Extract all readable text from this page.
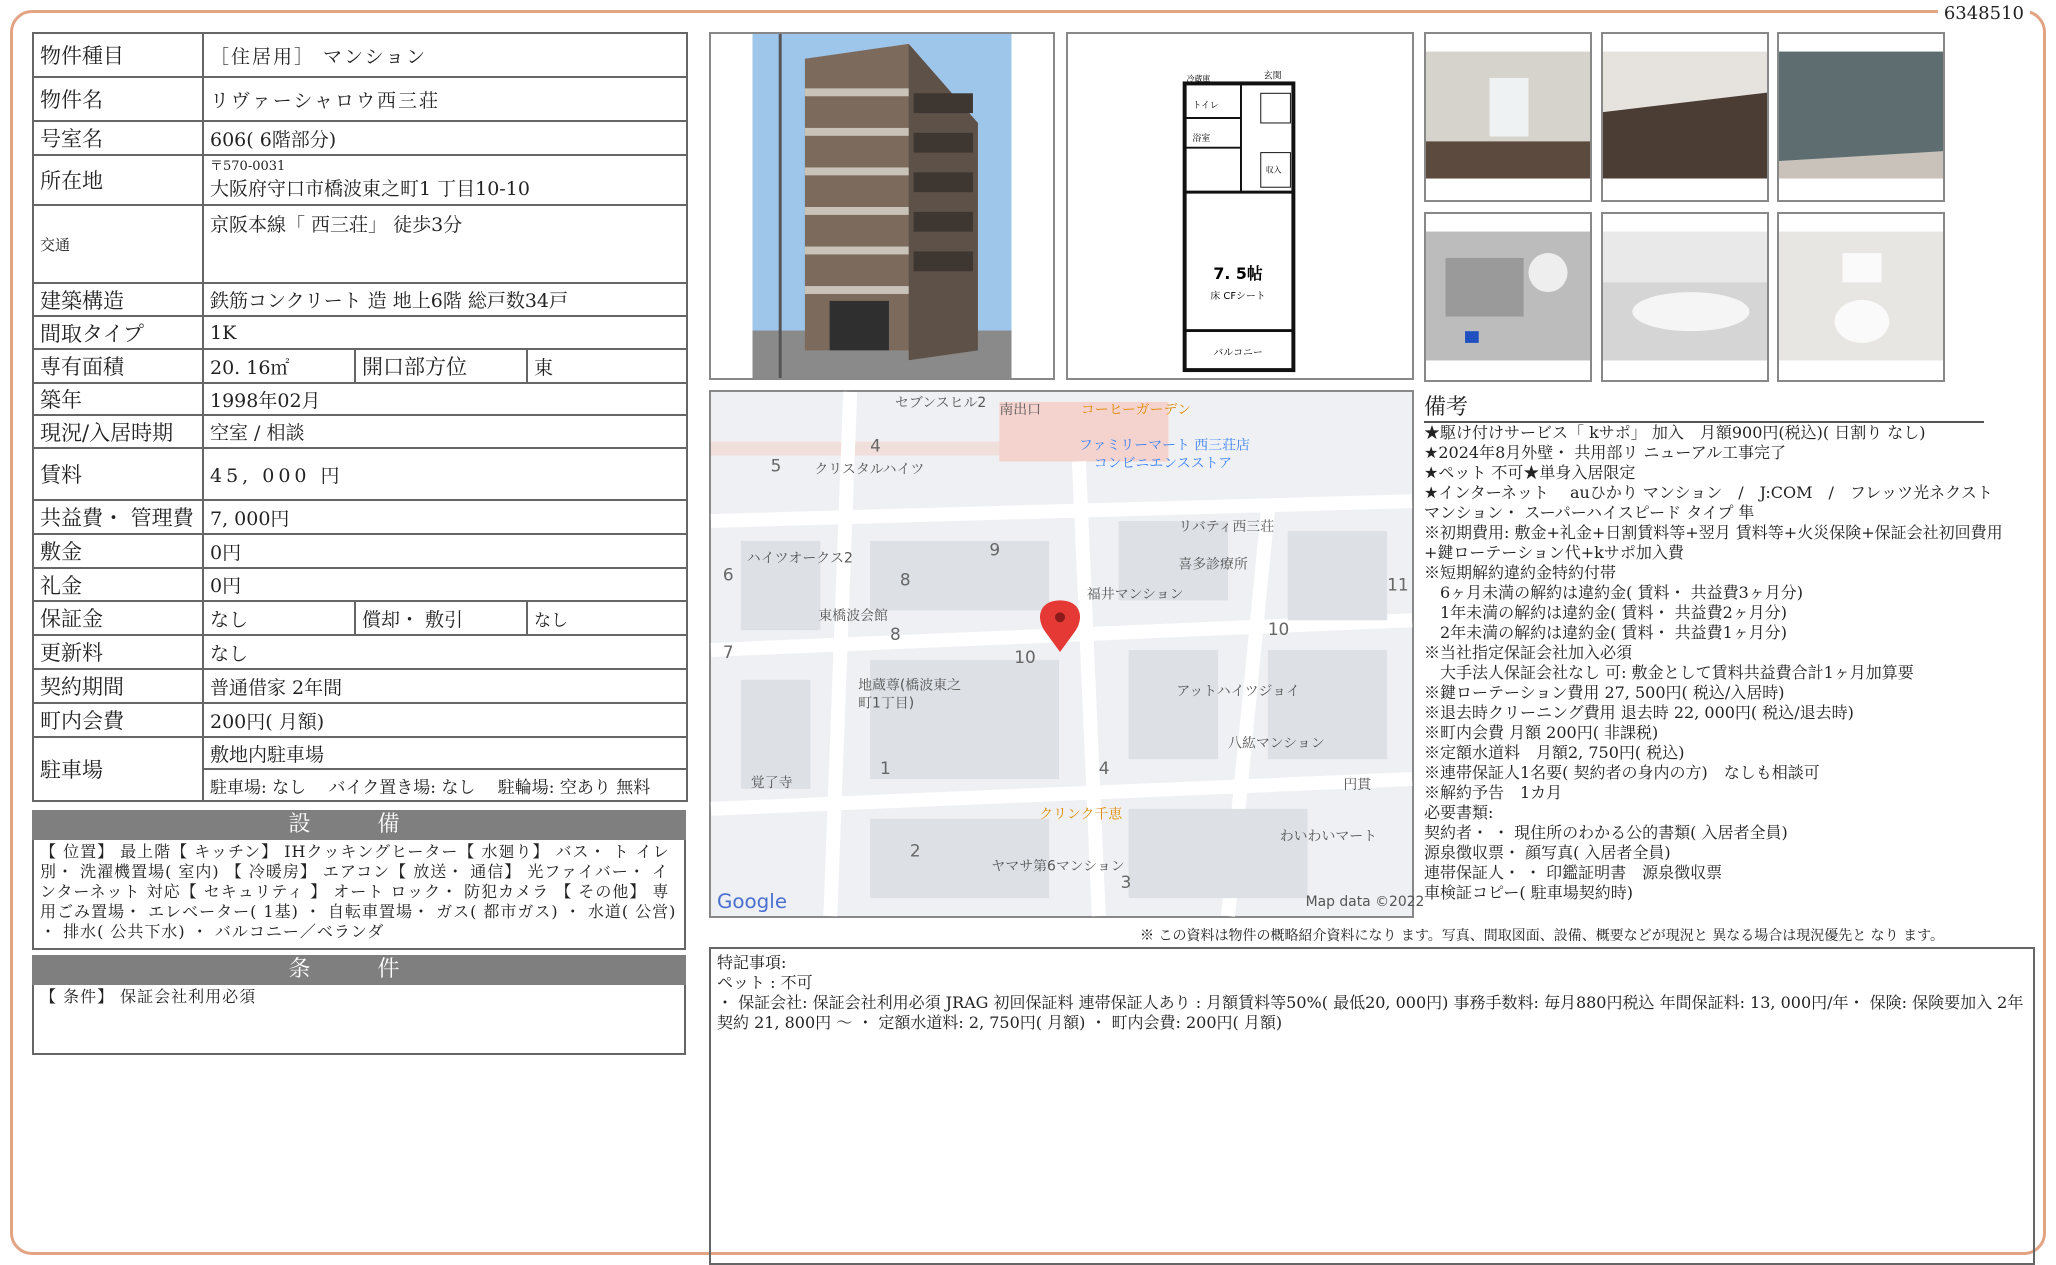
6348510
物件種目	［住居用］ マンション		
物件名	リヴァーシャロウ西三荘		
号室名	606( 6階部分)		
所在地	〒570-0031
大阪府守口市橋波東之町1 丁目10-10		
交通	京阪本線「 西三荘」 徒歩3分		
建築構造	鉄筋コンクリート 造 地上6階 総戸数34戸		
間取タイプ	1K		
専有面積	20. 16㎡	開口部方位	東
築年	1998年02月		
現況/入居時期	空室 / 相談		
賃料	45, 000 円		
共益費・ 管理費	7, 000円		
敷金	0円		
礼金	0円		
保証金	なし	償却・ 敷引	なし
更新料	なし		
契約期間	普通借家 2年間		
町内会費	200円( 月額)		
駐車場	敷地内駐車場		
	駐車場: なし　 バイク置き場: なし　 駐輪場: 空あり 無料		
設 備
【 位置】 最上階【 キッチン】 IHクッキングヒーター【 水廻り】 バス・ ト イレ別・ 洗濯機置場( 室内) 【 冷暖房】 エアコン【 放送・ 通信】 光ファイバー・ インターネット 対応【 セキュリティ 】 オート ロック・ 防犯カメラ 【 その他】 専用ごみ置場・ エレベーター( 1基) ・ 自転車置場・ ガス( 都市ガス) ・ 水道( 公営) ・ 排水( 公共下水) ・ バルコニー／ベランダ
条 件
【 条件】 保証会社利用必須
7. 5帖
床 CFシート
バルコニー
玄関
トイレ
浴室
収入
冷蔵庫
南出口	コーヒーガーデン
セブンスヒル2
ファミリーマート 西三荘店
コンビニエンスストア
クリスタルハイツ
リバティ西三荘
喜多診療所
ハイツオークス2
福井マンション
東橋波会館
地蔵尊(橋波東之
町1丁目)
アットハイツジョイ
八紘マンション
覚了寺
クリンク千恵
わいわいマート
ヤマサ第6マンション
円貫
Map data ©2022
Google
4
5
9
8
6
8
7	10
10
11
1	4
2
3
備考
★駆け付けサービス「 kサポ」 加入　月額900円(税込)( 日割り なし)
★2024年8月外壁・ 共用部リ ニューアル工事完了
★ペット 不可★単身入居限定
★インターネット　 auひかり マンション　/　J:COM　/　フレッツ光ネクスト　 マンション・ スーパーハイスピード タイプ 隼
※初期費用: 敷金+礼金+日割賃料等+翌月 賃料等+火災保険+保証会社初回費用+鍵ローテーション代+kサポ加入費
※短期解約違約金特約付帯
　6ヶ月未満の解約は違約金( 賃料・ 共益費3ヶ月分)
　1年未満の解約は違約金( 賃料・ 共益費2ヶ月分)
　2年未満の解約は違約金( 賃料・ 共益費1ヶ月分)
※当社指定保証会社加入必須
　大手法人保証会社なし 可: 敷金として賃料共益費合計1ヶ月加算要
※鍵ローテーション費用 27, 500円( 税込/入居時)
※退去時クリーニング費用 退去時 22, 000円( 税込/退去時)
※町内会費 月額 200円( 非課税)
※定額水道料　月額2, 750円( 税込)
※連帯保証人1名要( 契約者の身内の方)　なしも相談可
※解約予告　1カ月
必要書類:
契約者・ ・ 現住所のわかる公的書類( 入居者全員)
源泉徴収票・ 顔写真( 入居者全員)
連帯保証人・ ・ 印鑑証明書　源泉徴収票
車検証コピー( 駐車場契約時)
※ この資料は物件の概略紹介資料になり ます。写真、間取図面、設備、概要などが現況と 異なる場合は現況優先と なり ます。
特記事項:
ペット : 不可
・ 保証会社: 保証会社利用必須 JRAG 初回保証料 連帯保証人あり : 月額賃料等50%( 最低20, 000円) 事務手数料: 毎月880円税込 年間保証料: 13, 000円/年・ 保険: 保険要加入 2年契約 21, 800円 〜 ・ 定額水道料: 2, 750円( 月額) ・ 町内会費: 200円( 月額)
